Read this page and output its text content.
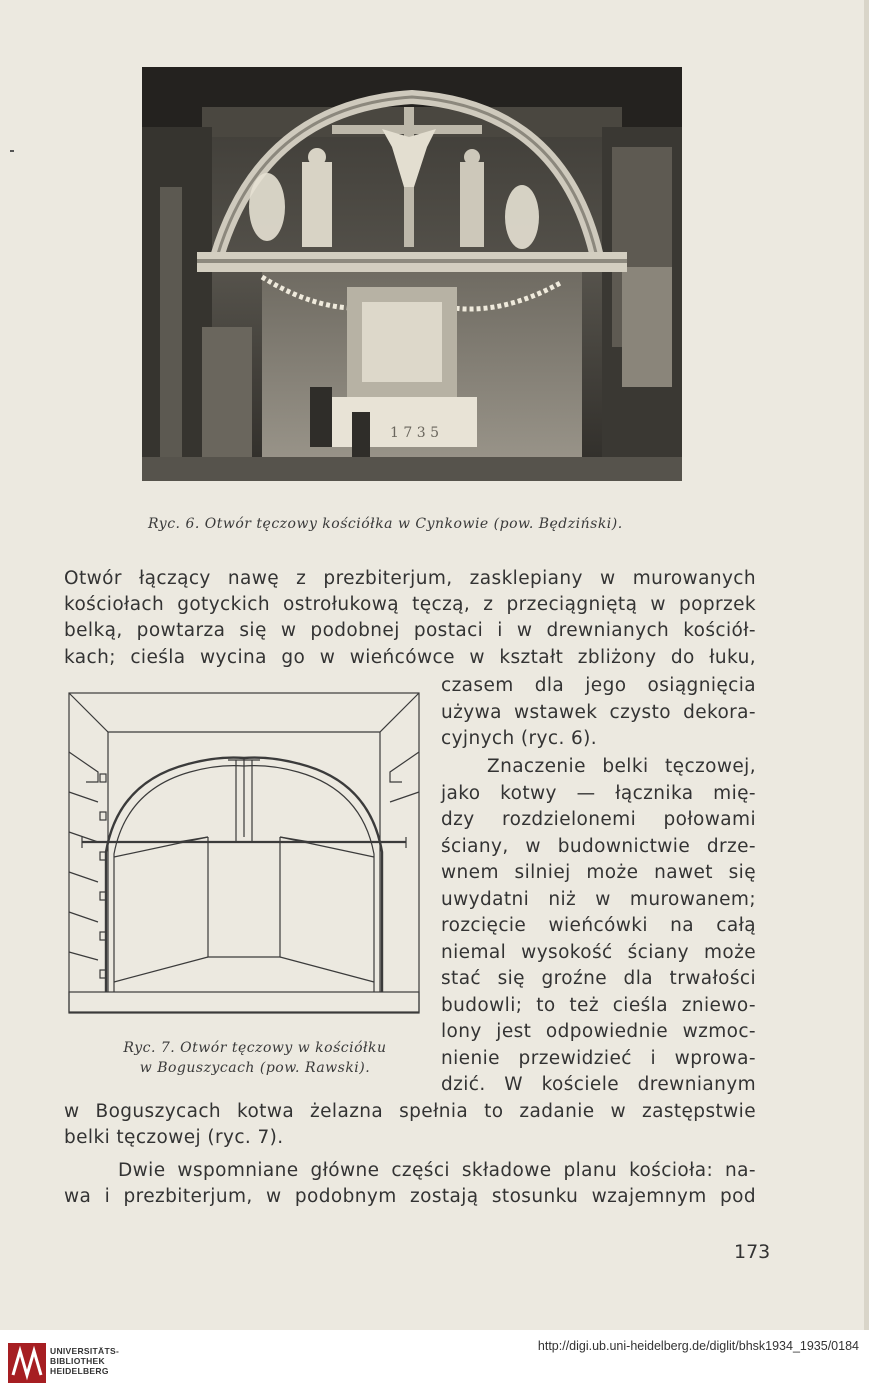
1 7 3 5
Ryc. 6. Otwór tęczowy kościółka w Cynkowie (pow. Będziński).
Otwór łączący nawę z prezbiterjum, zasklepiany w murowanych
kościołach gotyckich ostrołukową tęczą, z przeciągniętą w poprzek
belką, powtarza się w podobnej postaci i w drewnianych kościół-
kach; cieśla wycina go w wieńcówce w kształt zbliżony do łuku,
czasem dla jego osiągnięcia
używa wstawek czysto dekora-
cyjnych (ryc. 6).
Znaczenie belki tęczowej,
jako kotwy — łącznika mię-
dzy rozdzielonemi połowami
ściany, w budownictwie drze-
wnem silniej może nawet się
uwydatni niż w murowanem;
rozcięcie wieńcówki na całą
niemal wysokość ściany może
stać się groźne dla trwałości
budowli; to też cieśla zniewo-
lony jest odpowiednie wzmoc-
nienie przewidzieć i wprowa-
dzić. W kościele drewnianym
w Boguszycach kotwa żelazna spełnia to zadanie w zastępstwie
belki tęczowej (ryc. 7).
Dwie wspomniane główne części składowe planu kościoła: na-
wa i prezbiterjum, w podobnym zostają stosunku wzajemnym pod
Ryc. 7. Otwór tęczowy w kościółku
w Boguszycach (pow. Rawski).
173
UNIVERSITÄTS-
BIBLIOTHEK
HEIDELBERG
http://digi.ub.uni-heidelberg.de/diglit/bhsk1934_1935/0184
